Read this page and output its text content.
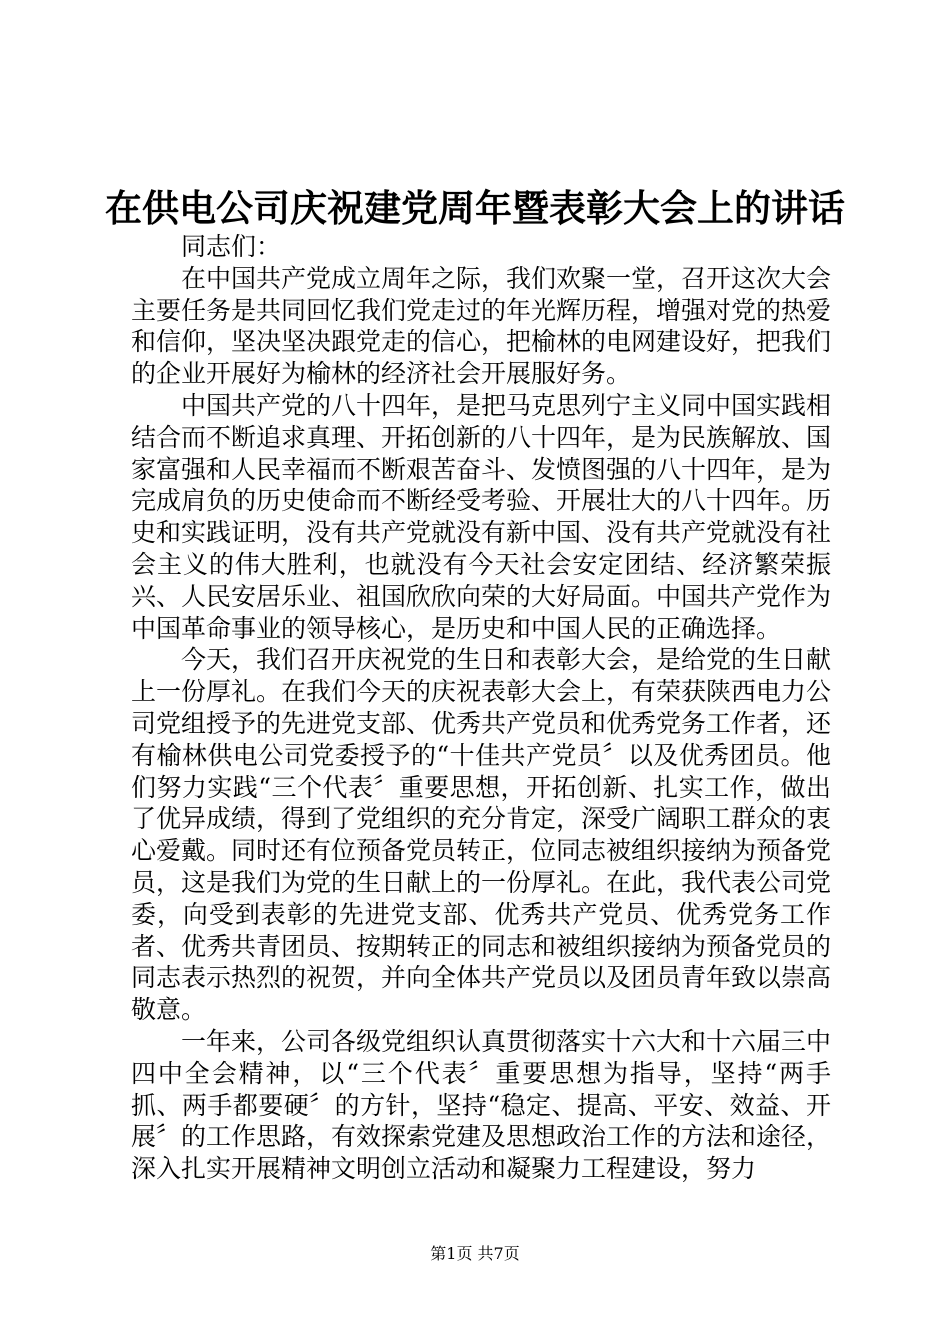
在供电公司庆祝建党周年暨表彰大会上的讲话

同志们：

在中国共产党成立周年之际，我们欢聚一堂，召开这次大会主要任务是共同回忆我们党走过的年光辉历程，增强对党的热爱和信仰，坚决坚决跟党走的信心，把榆林的电网建设好，把我们的企业开展好为榆林的经济社会开展服好务。

中国共产党的八十四年，是把马克思列宁主义同中国实践相结合而不断追求真理、开拓创新的八十四年，是为民族解放、国家富强和人民幸福而不断艰苦奋斗、发愤图强的八十四年，是为完成肩负的历史使命而不断经受考验、开展壮大的八十四年。历史和实践证明，没有共产党就没有新中国、没有共产党就没有社会主义的伟大胜利，也就没有今天社会安定团结、经济繁荣振兴、人民安居乐业、祖国欣欣向荣的大好局面。中国共产党作为中国革命事业的领导核心，是历史和中国人民的正确选择。

今天，我们召开庆祝党的生日和表彰大会，是给党的生日献上一份厚礼。在我们今天的庆祝表彰大会上，有荣获陕西电力公司党组授予的先进党支部、优秀共产党员和优秀党务工作者，还有榆林供电公司党委授予的“十佳共产党员〞以及优秀团员。他们努力实践“三个代表〞重要思想，开拓创新、扎实工作，做出了优异成绩，得到了党组织的充分肯定，深受广阔职工群众的衷心爱戴。同时还有位预备党员转正，位同志被组织接纳为预备党员，这是我们为党的生日献上的一份厚礼。在此，我代表公司党委，向受到表彰的先进党支部、优秀共产党员、优秀党务工作者、优秀共青团员、按期转正的同志和被组织接纳为预备党员的同志表示热烈的祝贺，并向全体共产党员以及团员青年致以崇高敬意。

一年来，公司各级党组织认真贯彻落实十六大和十六届三中四中全会精神，以“三个代表〞重要思想为指导，坚持“两手抓、两手都要硬〞的方针，坚持“稳定、提高、平安、效益、开展〞的工作思路，有效探索党建及思想政治工作的方法和途径，深入扎实开展精神文明创立活动和凝聚力工程建设，努力

第1页 共7页
